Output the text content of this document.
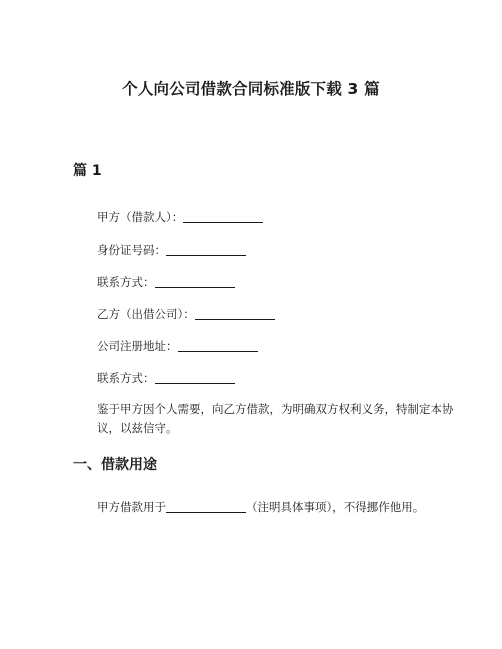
个人向公司借款合同标准版下载 3 篇
篇 1
甲方（借款人）：
身份证号码：
联系方式：
乙方（出借公司）：
公司注册地址：
联系方式：
鉴于甲方因个人需要，向乙方借款，为明确双方权利义务，特制定本协议，以兹信守。
一、借款用途
甲方借款用于	（注明具体事项），不得挪作他用。
